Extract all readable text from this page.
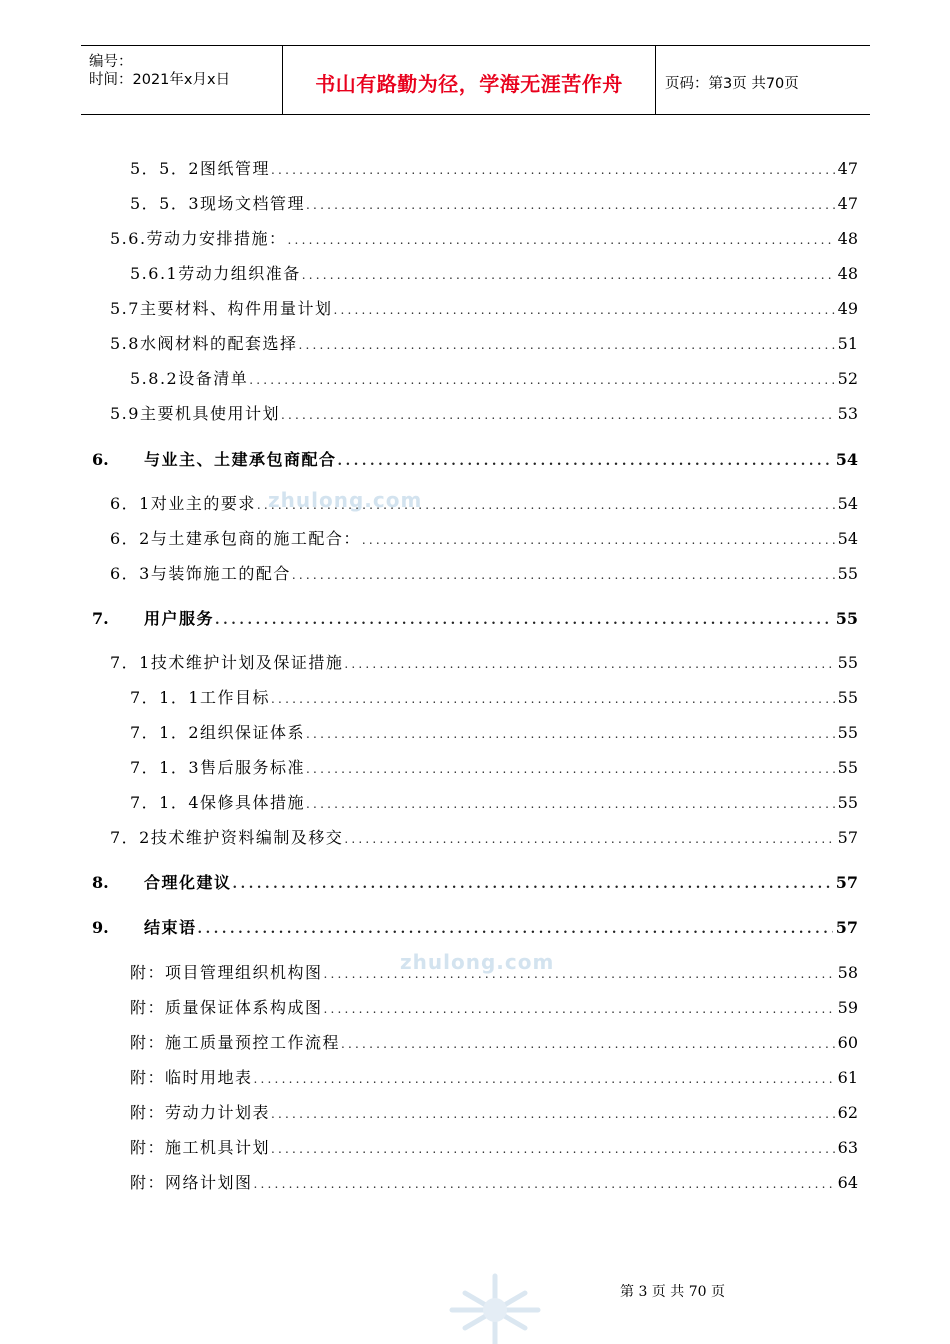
编号：
时间：2021年x月x日	书山有路勤为径，学海无涯苦作舟	页码：第3页 共70页
zhulong.com
zhulong.com
5．5．2图纸管理 .....	47
5．5．3现场文档管理 .....	47
5.6.劳动力安排措施： .....	48
5.6.1劳动力组织准备 .....	48
5.7主要材料、构件用量计划 .....	49
5.8水阀材料的配套选择 .....	51
5.8.2设备清单 .....	52
5.9主要机具使用计划 .....	53
6.	与业主、土建承包商配合 .....	54
6．1对业主的要求 .....	54
6．2与土建承包商的施工配合： .....	54
6．3与装饰施工的配合 .....	55
7.	用户服务 .....	55
7．1技术维护计划及保证措施 .....	55
7．1．1工作目标 .....	55
7．1．2组织保证体系 .....	55
7．1．3售后服务标准 .....	55
7．1．4保修具体措施 .....	55
7．2技术维护资料编制及移交 .....	57
8.	合理化建议 .....	57
9.	结束语 .....	57
附：项目管理组织机构图 .....	58
附：质量保证体系构成图 .....	59
附：施工质量预控工作流程 .....	60
附：临时用地表 .....	61
附：劳动力计划表 .....	62
附：施工机具计划 .....	63
附：网络计划图 .....	64
第 3 页 共 70 页
